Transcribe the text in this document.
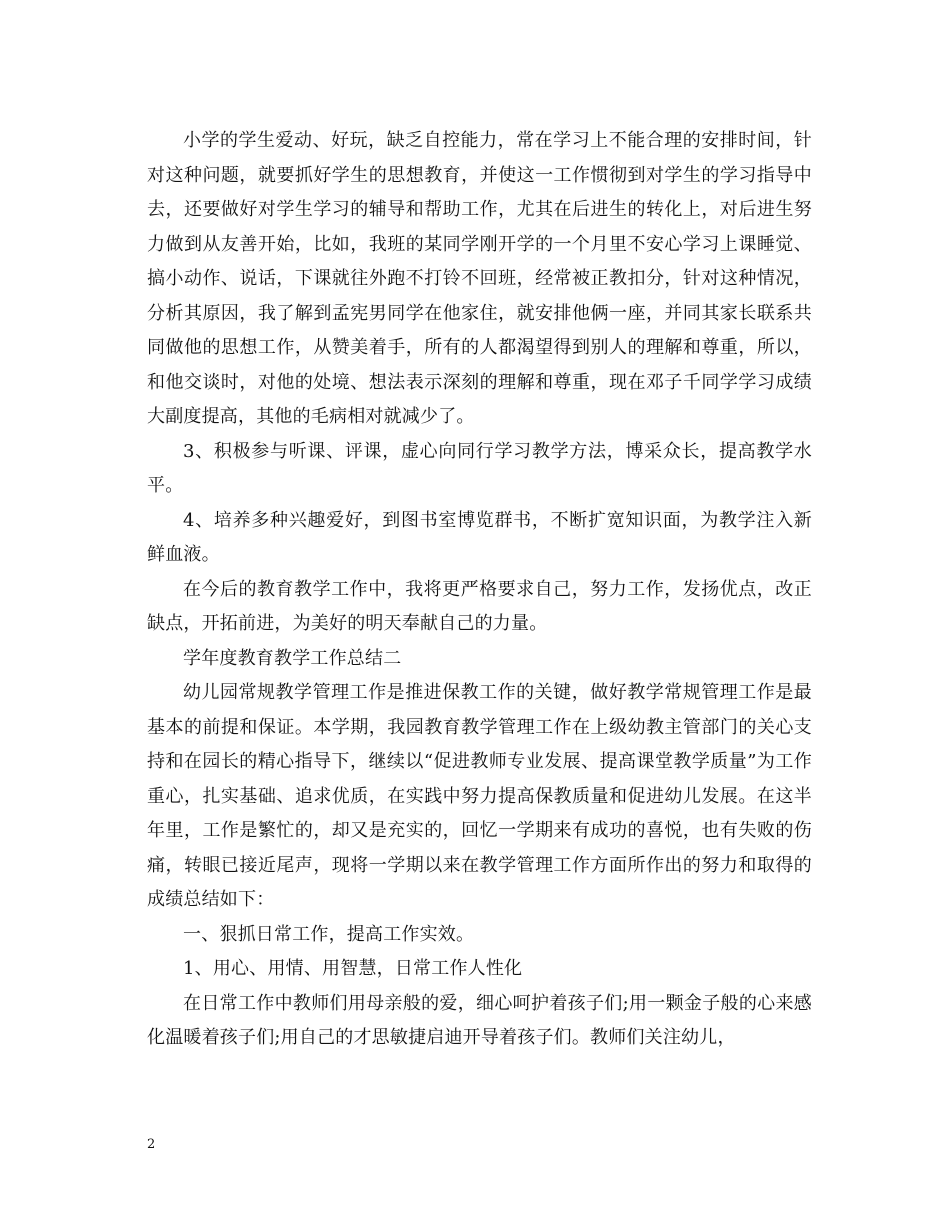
小学的学生爱动、好玩，缺乏自控能力，常在学习上不能合理的安排时间，针对这种问题，就要抓好学生的思想教育，并使这一工作惯彻到对学生的学习指导中去，还要做好对学生学习的辅导和帮助工作，尤其在后进生的转化上，对后进生努力做到从友善开始，比如，我班的某同学刚开学的一个月里不安心学习上课睡觉、搞小动作、说话，下课就往外跑不打铃不回班，经常被正教扣分，针对这种情况，分析其原因，我了解到孟宪男同学在他家住，就安排他俩一座，并同其家长联系共同做他的思想工作，从赞美着手，所有的人都渴望得到别人的理解和尊重，所以，和他交谈时，对他的处境、想法表示深刻的理解和尊重，现在邓子千同学学习成绩大副度提高，其他的毛病相对就减少了。

3、积极参与听课、评课，虚心向同行学习教学方法，博采众长，提高教学水平。

4、培养多种兴趣爱好，到图书室博览群书，不断扩宽知识面，为教学注入新鲜血液。

在今后的教育教学工作中，我将更严格要求自己，努力工作，发扬优点，改正缺点，开拓前进，为美好的明天奉献自己的力量。

学年度教育教学工作总结二

幼儿园常规教学管理工作是推进保教工作的关键，做好教学常规管理工作是最基本的前提和保证。本学期，我园教育教学管理工作在上级幼教主管部门的关心支持和在园长的精心指导下，继续以“促进教师专业发展、提高课堂教学质量”为工作重心，扎实基础、追求优质，在实践中努力提高保教质量和促进幼儿发展。在这半年里，工作是繁忙的，却又是充实的，回忆一学期来有成功的喜悦，也有失败的伤痛，转眼已接近尾声，现将一学期以来在教学管理工作方面所作出的努力和取得的成绩总结如下：

一、狠抓日常工作，提高工作实效。

1、用心、用情、用智慧，日常工作人性化

在日常工作中教师们用母亲般的爱，细心呵护着孩子们;用一颗金子般的心来感化温暖着孩子们;用自己的才思敏捷启迪开导着孩子们。教师们关注幼儿，

2
